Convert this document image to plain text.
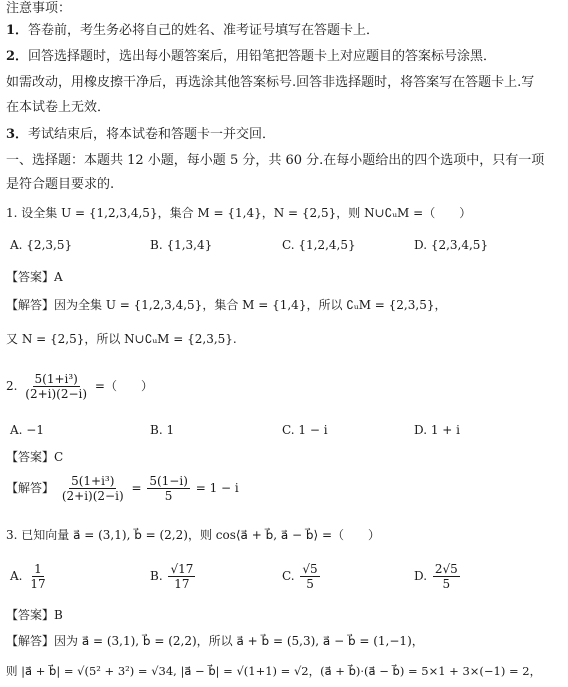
注意事项：
1．答卷前，考生务必将自己的姓名、准考证号填写在答题卡上．
2．回答选择题时，选出每小题答案后，用铅笔把答题卡上对应题目的答案标号涂黑．
如需改动，用橡皮擦干净后，再选涂其他答案标号.回答非选择题时，将答案写在答题卡上.写
在本试卷上无效．
3．考试结束后，将本试卷和答题卡一并交回．
一、选择题：本题共 12 小题，每小题 5 分，共 60 分.在每小题给出的四个选项中，只有一项
是符合题目要求的.
1. 设全集 U = {1,2,3,4,5}，集合 M = {1,4}，N = {2,5}，则 N∪∁ᵤM =（　　）
A. {2,3,5}	B. {1,3,4}	C. {1,2,4,5}	D. {2,3,4,5}
【答案】A
【解答】因为全集 U = {1,2,3,4,5}，集合 M = {1,4}，所以 ∁ᵤM = {2,3,5}，
又 N = {2,5}，所以 N∪∁ᵤM = {2,3,5}.
2. $\frac{\text{5(1+i³)}}{(2+i)(2-i)}$ =（　　）
A. −1	B. 1	C. 1 − i	D. 1 + i
【答案】C
【解答】 $\frac{\text{5(1+i³)}}{(2+i)(2-i)} = \frac{5(1-i)}{5} = 1 - i$
3. 已知向量 a⃗ = (3,1), b⃗ = (2,2)，则 cos⟨a⃗ + b⃗, a⃗ − b⃗⟩ =（　　）
A. $\frac{1}{17}$	B. $\frac{√17}{17}$	C. $\frac{√5}{5}$	D. $\frac{2√5}{5}$
【答案】B
【解答】因为 a⃗ = (3,1), b⃗ = (2,2)，所以 a⃗ + b⃗ = (5,3), a⃗ − b⃗ = (1,−1)，
则 |a⃗ + b⃗| = √(5² + 3²) = √34, |a⃗ − b⃗| = √(1+1) = √2，(a⃗ + b⃗)·(a⃗ − b⃗) = 5×1 + 3×(−1) = 2，
